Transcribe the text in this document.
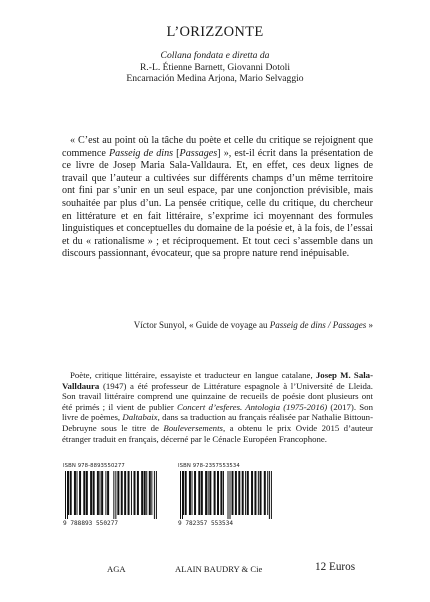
L’ORIZZONTE
Collana fondata e diretta da
R.-L. Étienne Barnett, Giovanni Dotoli
Encarnación Medina Arjona, Mario Selvaggio

« C’est au point où la tâche du poète et celle du critique se rejoignent que commence Passeig de dins [Passages] », est-il écrit dans la présentation de ce livre de Josep Maria Sala-Valldaura. Et, en effet, ces deux lignes de travail que l’auteur a cultivées sur différents champs d’un même territoire ont fini par s’unir en un seul espace, par une conjonction prévisible, mais souhaitée par plus d’un. La pensée critique, celle du critique, du chercheur en littérature et en fait littéraire, s’exprime ici moyennant des formules linguistiques et conceptuelles du domaine de la poésie et, à la fois, de l’essai et du « rationalisme » ; et réciproquement. Et tout ceci s’assemble dans un discours passionnant, évocateur, que sa propre nature rend inépuisable.

Víctor Sunyol, « Guide de voyage au Passeig de dins / Passages »

Poète, critique littéraire, essayiste et traducteur en langue catalane, Josep M. Sala-Valldaura (1947) a été professeur de Littérature espagnole à l’Université de Lleida. Son travail littéraire comprend une quinzaine de recueils de poésie dont plusieurs ont été primés ; il vient de publier Concert d’esferes. Antologia (1975-2016) (2017). Son livre de poèmes, Daltabaix, dans sa traduction au français réalisée par Nathalie Bittoun-Debruyne sous le titre de Bouleversements, a obtenu le prix Ovide 2015 d’auteur étranger traduit en français, décerné par le Cénacle Européen Francophone.

ISBN 978-8893550277
9 788893 550277
ISBN 978-2357553534
9 782357 553534
AGA	ALAIN BAUDRY & Cie	12 Euros
